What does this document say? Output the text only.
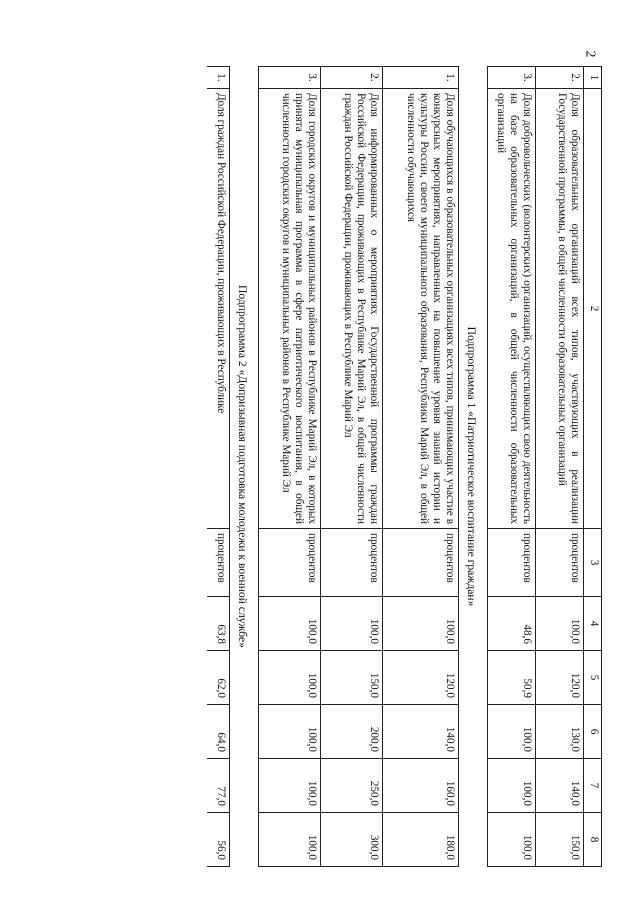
2
1	2	3	4	5	6	7	8
2.	Доля образовательных организаций всех типов, участвующих в реализации Государственной программы, в общей численности образовательных организаций	процентов	100,0	120,0	130,0	140,0	150,0
3.	Доля добровольческих (волонтерских) организаций, осуществляющих свою деятельность на базе образовательных организаций, в общей численности образовательных организаций	процентов	48,6	50,9	100,0	100,0	100,0
Подпрограмма 1 «Патриотическое воспитание граждан»							
1.	Доля обучающихся в образовательных организациях всех типов, принимающих участие в конкурсных мероприятиях, направленных на повышение уровня знаний истории и культуры России, своего муниципального образования, Республики Марий Эл, в общей численности обучающихся	процентов	100,0	120,0	140,0	160,0	180,0
2.	Доля информированных о мероприятиях Государственной программы граждан Российской Федерации, проживающих в Республике Марий Эл, в общей численности граждан Российской Федерации, проживающих в Республике Марий Эл	процентов	100,0	150,0	200,0	250,0	300,0
3.	Доля городских округов и муниципальных районов в Республике Марий Эл, в которых принята муниципальная программа в сфере патриотического воспитания, в общей численности городских округов и муниципальных районов в Республике Марий Эл	процентов	100,0	100,0	100,0	100,0	100,0
Подпрограмма 2 «Допризывная подготовка молодежи к военной службе»							
1.	Доля граждан Российской Федерации, проживающих в Республике	процентов	63,8	62,0	64,0	77,0	56,0
